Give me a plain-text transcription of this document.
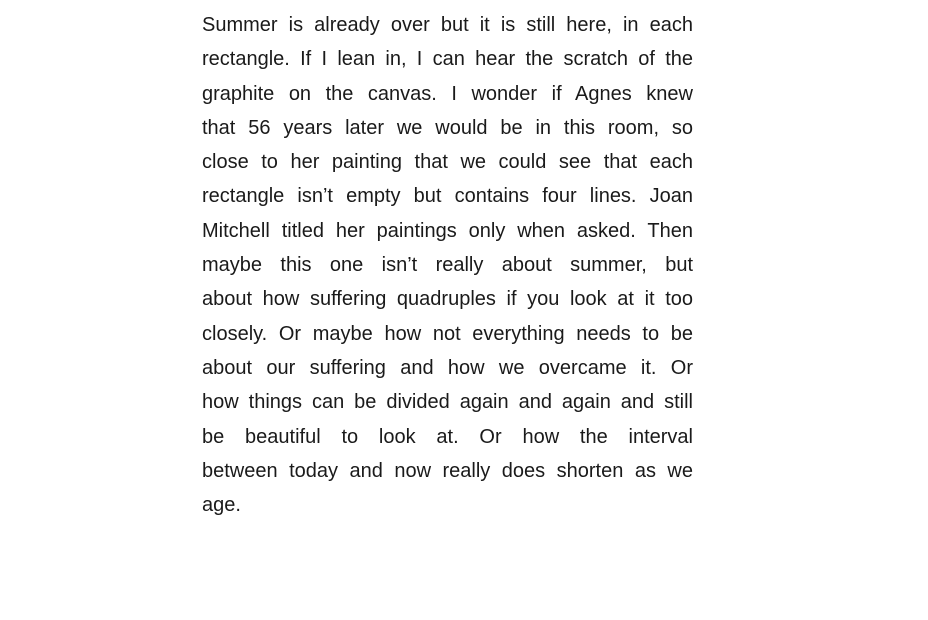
Summer is already over but it is still here, in each
rectangle. If I lean in, I can hear the scratch of the
graphite on the canvas. I wonder if Agnes knew
that 56 years later we would be in this room, so
close to her painting that we could see that each
rectangle isn’t empty but contains four lines. Joan
Mitchell titled her paintings only when asked. Then
maybe this one isn’t really about summer, but
about how suffering quadruples if you look at it too
closely. Or maybe how not everything needs to be
about our suffering and how we overcame it. Or
how things can be divided again and again and still
be beautiful to look at. Or how the interval
between today and now really does shorten as we
age.
